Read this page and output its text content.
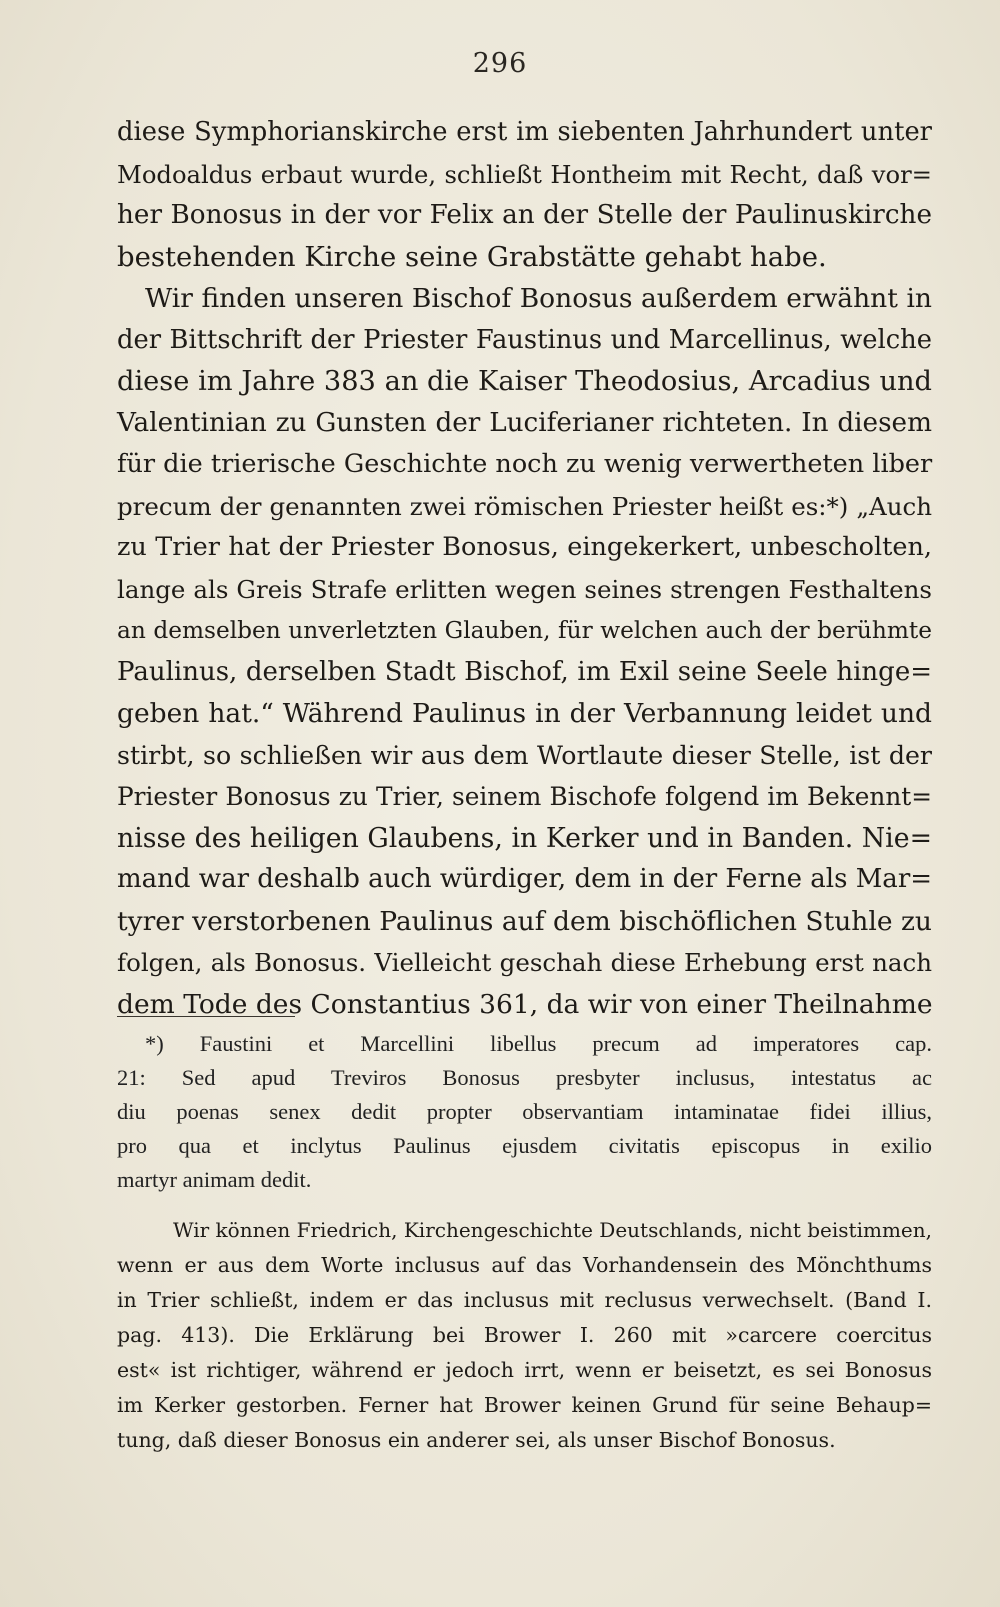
296
diese Symphorianskirche erst im siebenten Jahrhundert unter
Modoaldus erbaut wurde, schließt Hontheim mit Recht, daß vor=
her Bonosus in der vor Felix an der Stelle der Paulinuskirche
bestehenden Kirche seine Grabstätte gehabt habe.
Wir finden unseren Bischof Bonosus außerdem erwähnt in
der Bittschrift der Priester Faustinus und Marcellinus, welche
diese im Jahre 383 an die Kaiser Theodosius, Arcadius und
Valentinian zu Gunsten der Luciferianer richteten. In diesem
für die trierische Geschichte noch zu wenig verwertheten liber
precum der genannten zwei römischen Priester heißt es:*) „Auch
zu Trier hat der Priester Bonosus, eingekerkert, unbescholten,
lange als Greis Strafe erlitten wegen seines strengen Festhaltens
an demselben unverletzten Glauben, für welchen auch der berühmte
Paulinus, derselben Stadt Bischof, im Exil seine Seele hinge=
geben hat.“ Während Paulinus in der Verbannung leidet und
stirbt, so schließen wir aus dem Wortlaute dieser Stelle, ist der
Priester Bonosus zu Trier, seinem Bischofe folgend im Bekennt=
nisse des heiligen Glaubens, in Kerker und in Banden. Nie=
mand war deshalb auch würdiger, dem in der Ferne als Mar=
tyrer verstorbenen Paulinus auf dem bischöflichen Stuhle zu
folgen, als Bonosus. Vielleicht geschah diese Erhebung erst nach
dem Tode des Constantius 361, da wir von einer Theilnahme
*) Faustini et Marcellini libellus precum ad imperatores cap.
21: Sed apud Treviros Bonosus presbyter inclusus, intestatus ac
diu poenas senex dedit propter observantiam intaminatae fidei illius,
pro qua et inclytus Paulinus ejusdem civitatis episcopus in exilio
martyr animam dedit.
Wir können Friedrich, Kirchengeschichte Deutschlands, nicht beistimmen,
wenn er aus dem Worte inclusus auf das Vorhandensein des Mönchthums
in Trier schließt, indem er das inclusus mit reclusus verwechselt. (Band I.
pag. 413). Die Erklärung bei Brower I. 260 mit »carcere coercitus
est« ist richtiger, während er jedoch irrt, wenn er beisetzt, es sei Bonosus
im Kerker gestorben. Ferner hat Brower keinen Grund für seine Behaup=
tung, daß dieser Bonosus ein anderer sei, als unser Bischof Bonosus.
